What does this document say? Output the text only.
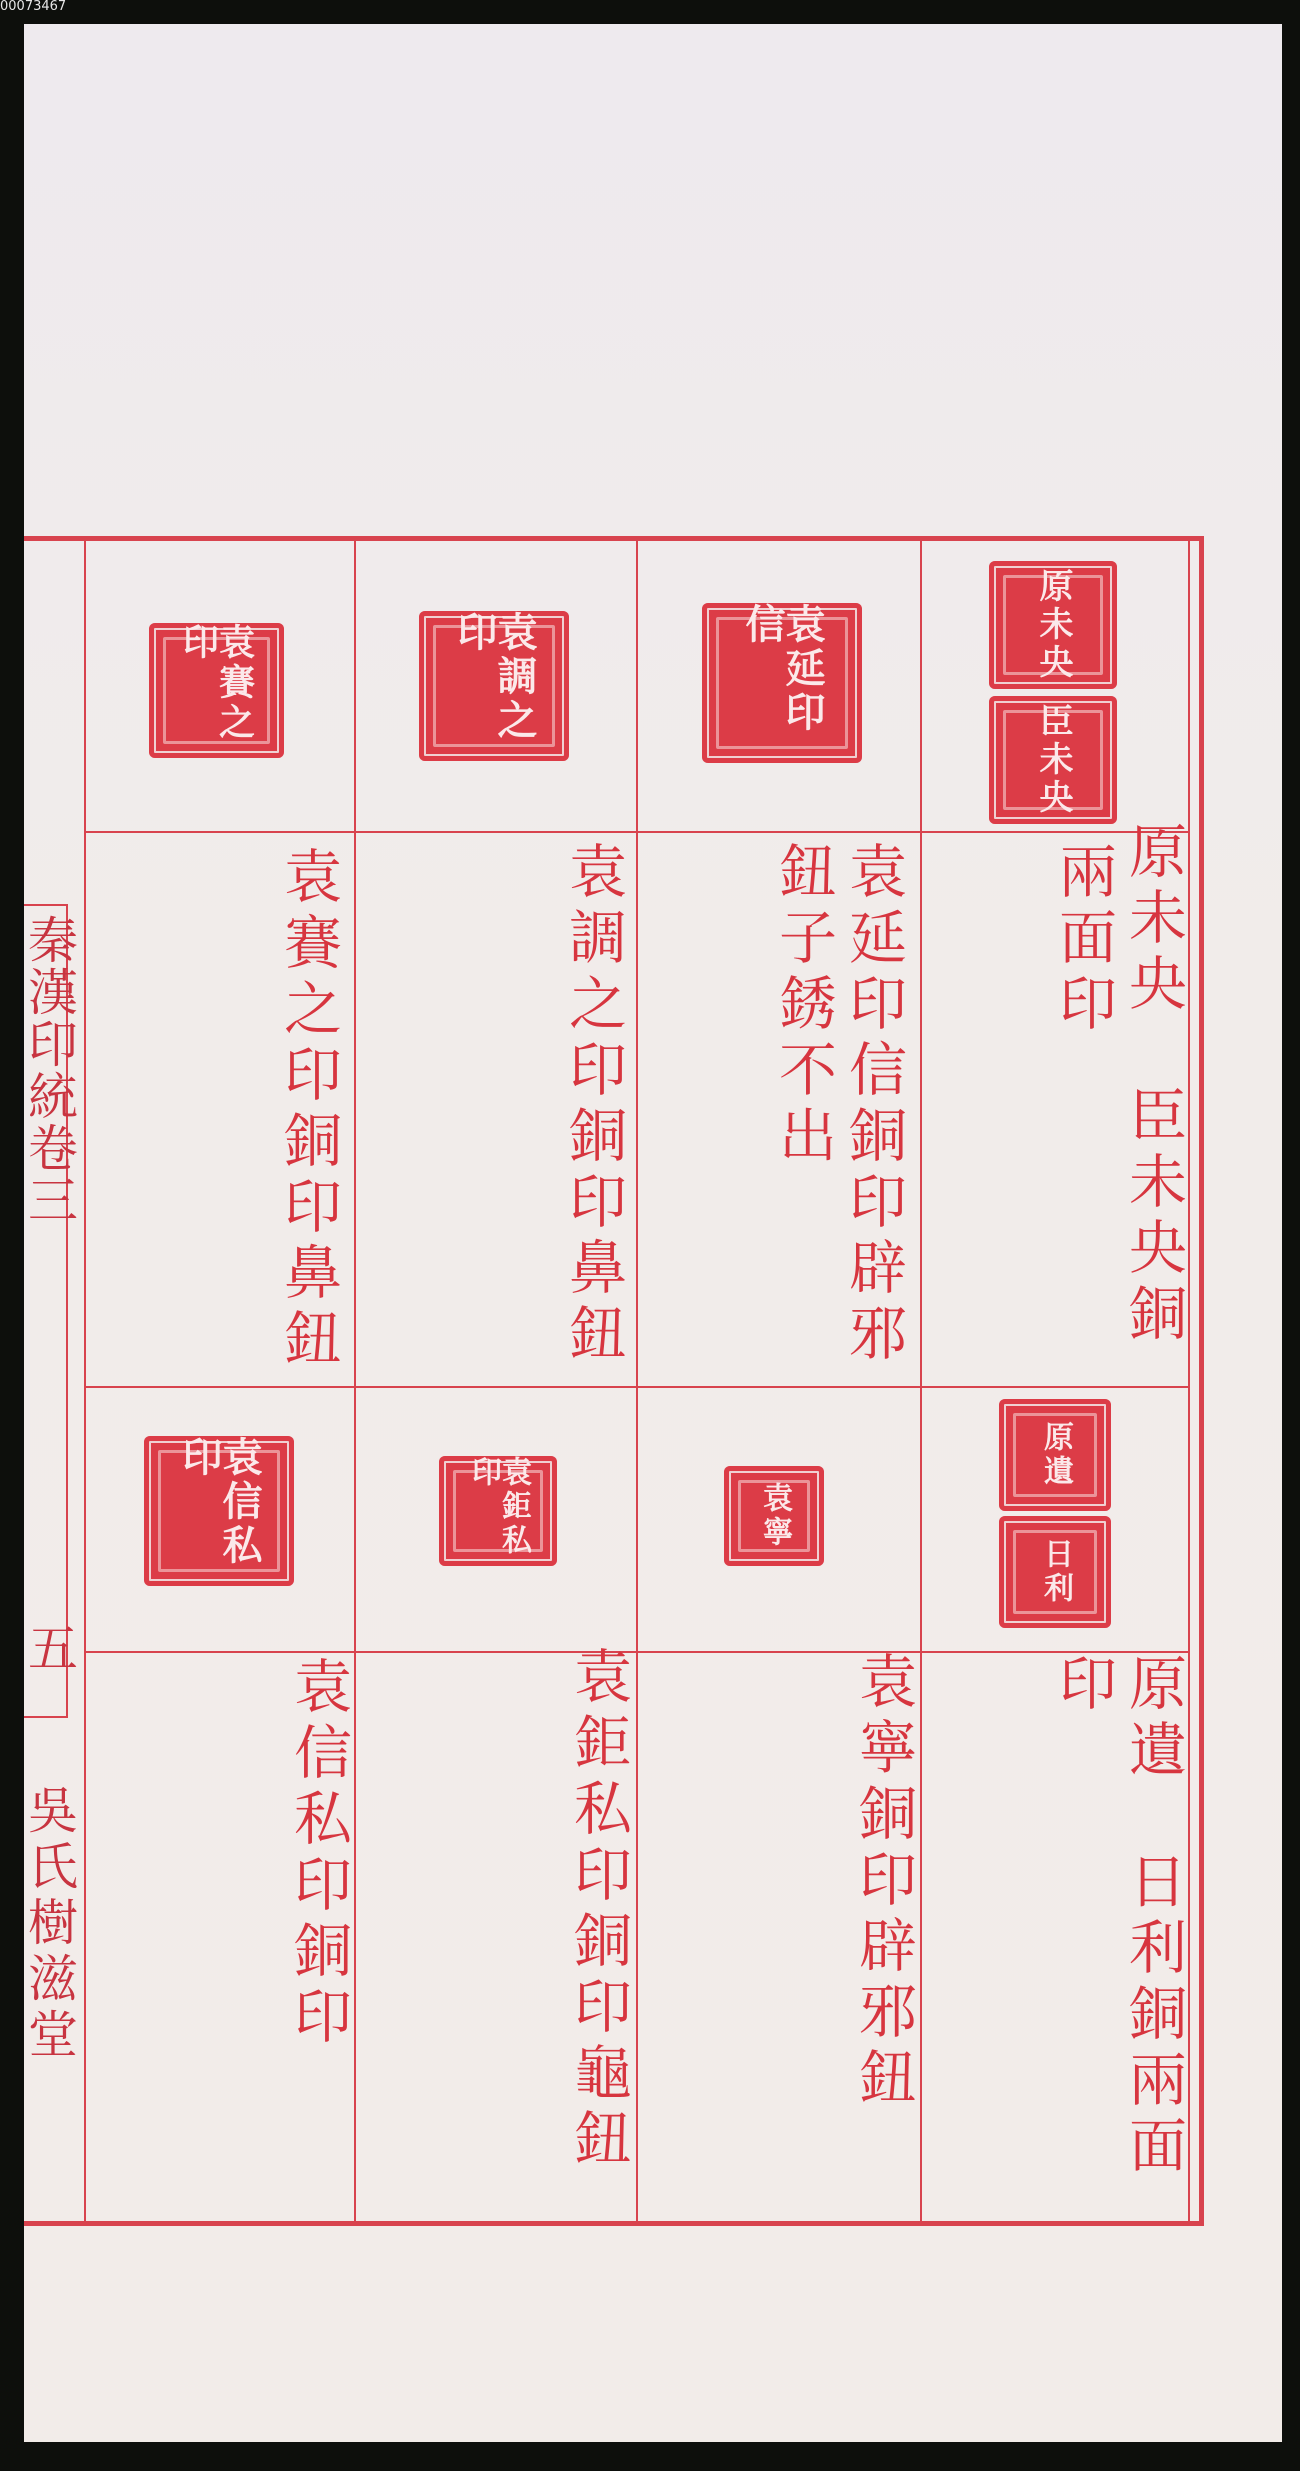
00073467
秦漢印統卷三
五
吳氏樹滋堂
原未央
臣未央
袁延印信
袁調之印
袁賽之印
原未央　臣未央銅
兩面印
袁延印信銅印辟邪
鈕子銹不出
袁調之印銅印鼻鈕
袁賽之印銅印鼻鈕
原遺
日利
袁寧
袁鉅私印
袁信私印
原遺　日利銅兩面
印
袁寧銅印辟邪鈕
袁鉅私印銅印龜鈕
袁信私印銅印
